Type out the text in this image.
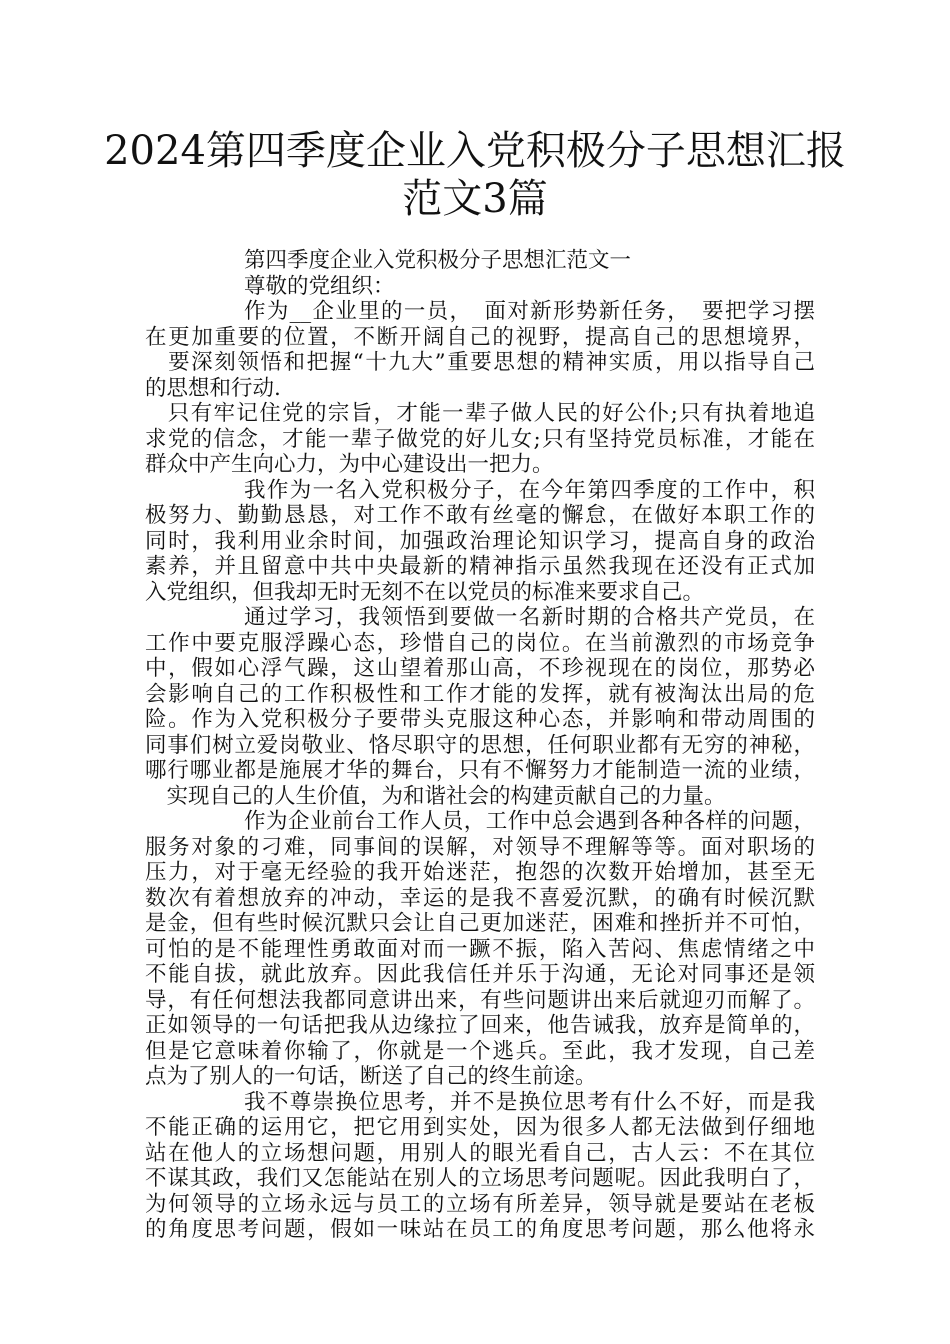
2024第四季度企业入党积极分子思想汇报
范文3篇
第四季度企业入党积极分子思想汇范文一
尊敬的党组织：
作为__企业里的一员，　面对新形势新任务，　要把学习摆
在更加重要的位置，不断开阔自己的视野，提高自己的思想境界，
　要深刻领悟和把握“十九大”重要思想的精神实质，用以指导自己
的思想和行动.
　只有牢记住党的宗旨，才能一辈子做人民的好公仆;只有执着地追
求党的信念，才能一辈子做党的好儿女;只有坚持党员标准，才能在
群众中产生向心力，为中心建设出一把力。
我作为一名入党积极分子，在今年第四季度的工作中，积
极努力、勤勤恳恳，对工作不敢有丝毫的懈怠，在做好本职工作的
同时，我利用业余时间，加强政治理论知识学习，提高自身的政治
素养，并且留意中共中央最新的精神指示虽然我现在还没有正式加
入党组织，但我却无时无刻不在以党员的标准来要求自己。
通过学习，我领悟到要做一名新时期的合格共产党员，在
工作中要克服浮躁心态，珍惜自己的岗位。在当前激烈的市场竞争
中，假如心浮气躁，这山望着那山高，不珍视现在的岗位，那势必
会影响自己的工作积极性和工作才能的发挥，就有被淘汰出局的危
险。作为入党积极分子要带头克服这种心态，并影响和带动周围的
同事们树立爱岗敬业、恪尽职守的思想，任何职业都有无穷的神秘，
哪行哪业都是施展才华的舞台，只有不懈努力才能制造一流的业绩，
　实现自己的人生价值，为和谐社会的构建贡献自己的力量。
作为企业前台工作人员，工作中总会遇到各种各样的问题，
服务对象的刁难，同事间的误解，对领导不理解等等。面对职场的
压力，对于毫无经验的我开始迷茫，抱怨的次数开始增加，甚至无
数次有着想放弃的冲动，幸运的是我不喜爱沉默，的确有时候沉默
是金，但有些时候沉默只会让自己更加迷茫，困难和挫折并不可怕，
可怕的是不能理性勇敢面对而一蹶不振，陷入苦闷、焦虑情绪之中
不能自拔，就此放弃。因此我信任并乐于沟通，无论对同事还是领
导，有任何想法我都同意讲出来，有些问题讲出来后就迎刃而解了。
正如领导的一句话把我从边缘拉了回来，他告诫我，放弃是简单的，
但是它意味着你输了，你就是一个逃兵。至此，我才发现，自己差
点为了别人的一句话，断送了自己的终生前途。
我不尊崇换位思考，并不是换位思考有什么不好，而是我
不能正确的运用它，把它用到实处，因为很多人都无法做到仔细地
站在他人的立场想问题，用别人的眼光看自己，古人云：不在其位
不谋其政，我们又怎能站在别人的立场思考问题呢。因此我明白了，
为何领导的立场永远与员工的立场有所差异，领导就是要站在老板
的角度思考问题，假如一味站在员工的角度思考问题，那么他将永
